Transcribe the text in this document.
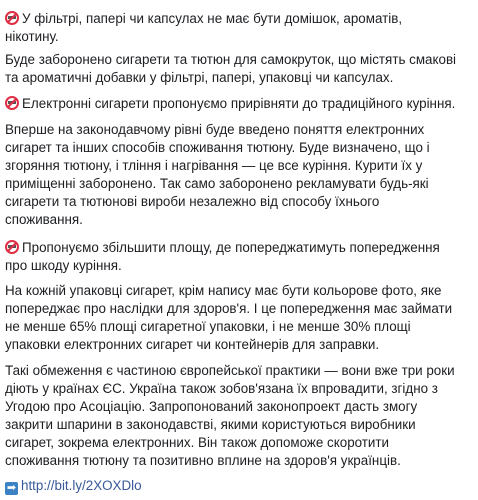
У фільтрі, папері чи капсулах не має бути домішок, ароматів,
нікотину.

Буде заборонено сигарети та тютюн для самокруток, що містять смакові
та ароматичні добавки у фільтрі, папері, упаковці чи капсулах.

Електронні сигарети пропонуємо прирівняти до традиційного куріння.

Вперше на законодавчому рівні буде введено поняття електронних
сигарет та інших способів споживання тютюну. Буде визначено, що і
згоряння тютюну, і тління і нагрівання — це все куріння. Курити їх у
приміщенні заборонено. Так само заборонено рекламувати будь-які
сигарети та тютюнові вироби незалежно від способу їхнього
споживання.

Пропонуємо збільшити площу, де попереджатимуть попередження
про шкоду куріння.

На кожній упаковці сигарет, крім напису має бути кольорове фото, яке
попереджає про наслідки для здоров'я. І це попередження має займати
не менше 65% площі сигаретної упаковки, і не менше 30% площі
упаковки електронних сигарет чи контейнерів для заправки.

Такі обмеження є частиною європейської практики — вони вже три роки
діють у країнах ЄС. Україна також зобов'язана їх впровадити, згідно з
Угодою про Асоціацію. Запропонований законопроект дасть змогу
закрити шпарини в законодавстві, якими користуються виробники
сигарет, зокрема електронних. Він також допоможе скоротити
споживання тютюну та позитивно вплине на здоров'я українців.

➡ http://bit.ly/2XOXDlo
